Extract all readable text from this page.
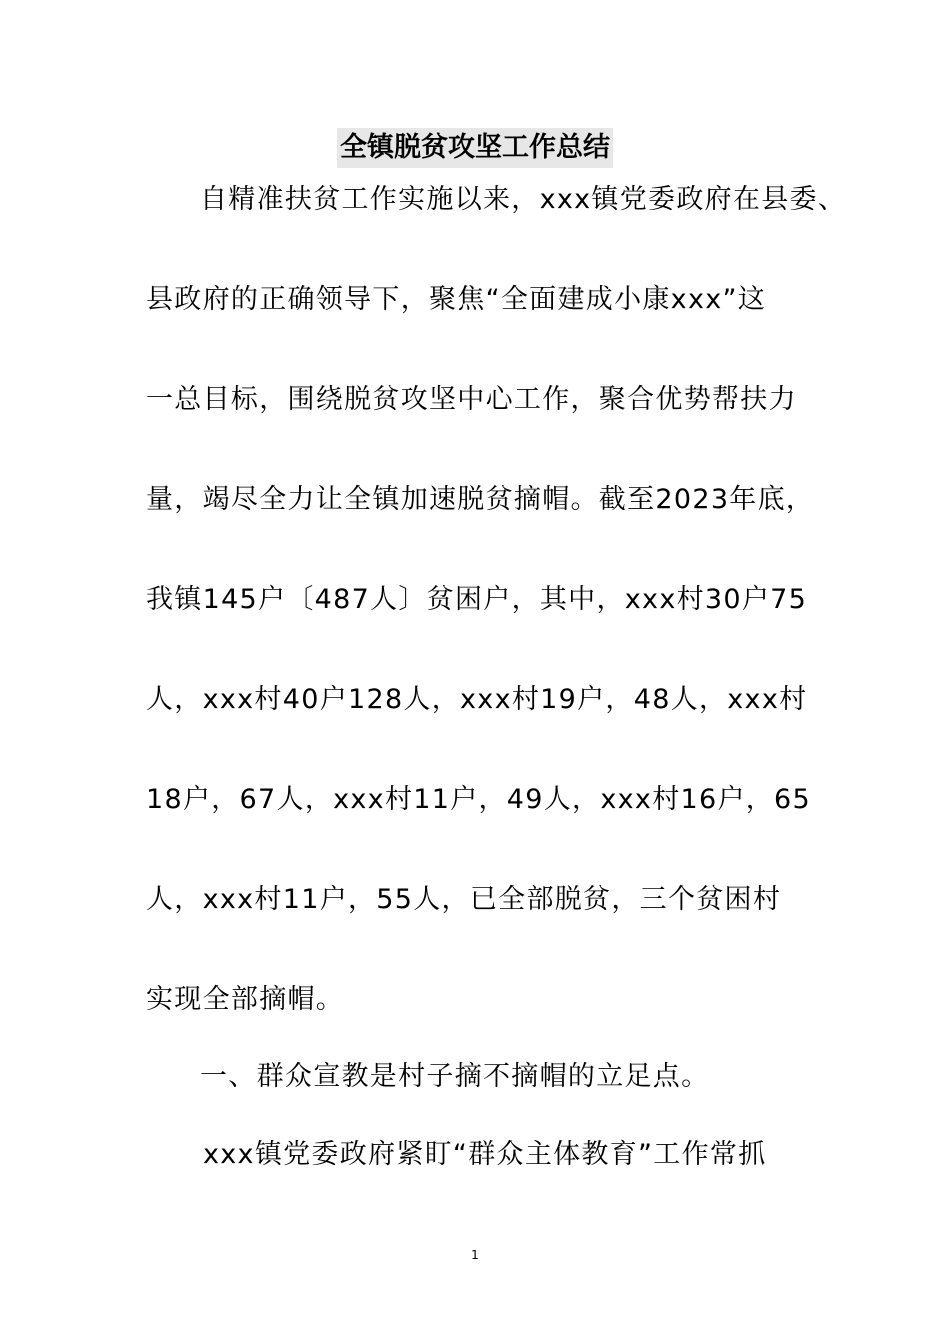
全镇脱贫攻坚工作总结
自精准扶贫工作实施以来，xxx镇党委政府在县委、
县政府的正确领导下，聚焦“全面建成小康xxx”这
一总目标，围绕脱贫攻坚中心工作，聚合优势帮扶力
量，竭尽全力让全镇加速脱贫摘帽。截至2023年底，
我镇145户〔487人〕贫困户，其中，xxx村30户75
人，xxx村40户128人，xxx村19户，48人，xxx村
18户，67人，xxx村11户，49人，xxx村16户，65
人，xxx村11户，55人，已全部脱贫，三个贫困村
实现全部摘帽。
一、群众宣教是村子摘不摘帽的立足点。
xxx镇党委政府紧盯“群众主体教育”工作常抓
1
